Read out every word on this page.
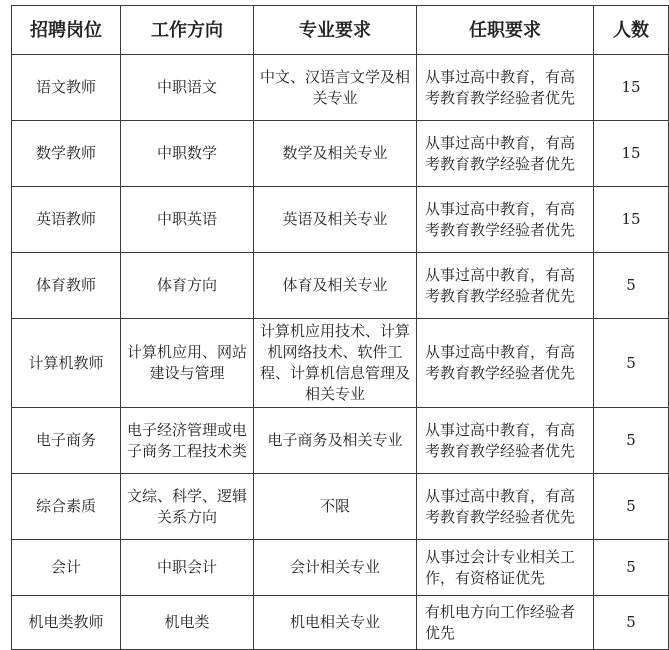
招聘岗位	工作方向	专业要求	任职要求	人数
语文教师	中职语文	中文、汉语言文学及相关专业	从事过高中教育，有高考教育教学经验者优先	15
数学教师	中职数学	数学及相关专业	从事过高中教育，有高考教育教学经验者优先	15
英语教师	中职英语	英语及相关专业	从事过高中教育，有高考教育教学经验者优先	15
体育教师	体育方向	体育及相关专业	从事过高中教育，有高考教育教学经验者优先	5
计算机教师	计算机应用、网站建设与管理	计算机应用技术、计算机网络技术、软件工程、计算机信息管理及相关专业	从事过高中教育，有高考教育教学经验者优先	5
电子商务	电子经济管理或电子商务工程技术类	电子商务及相关专业	从事过高中教育，有高考教育教学经验者优先	5
综合素质	文综、科学、逻辑关系方向	不限	从事过高中教育，有高考教育教学经验者优先	5
会计	中职会计	会计相关专业	从事过会计专业相关工作，有资格证优先	5
机电类教师	机电类	机电相关专业	有机电方向工作经验者优先	5
